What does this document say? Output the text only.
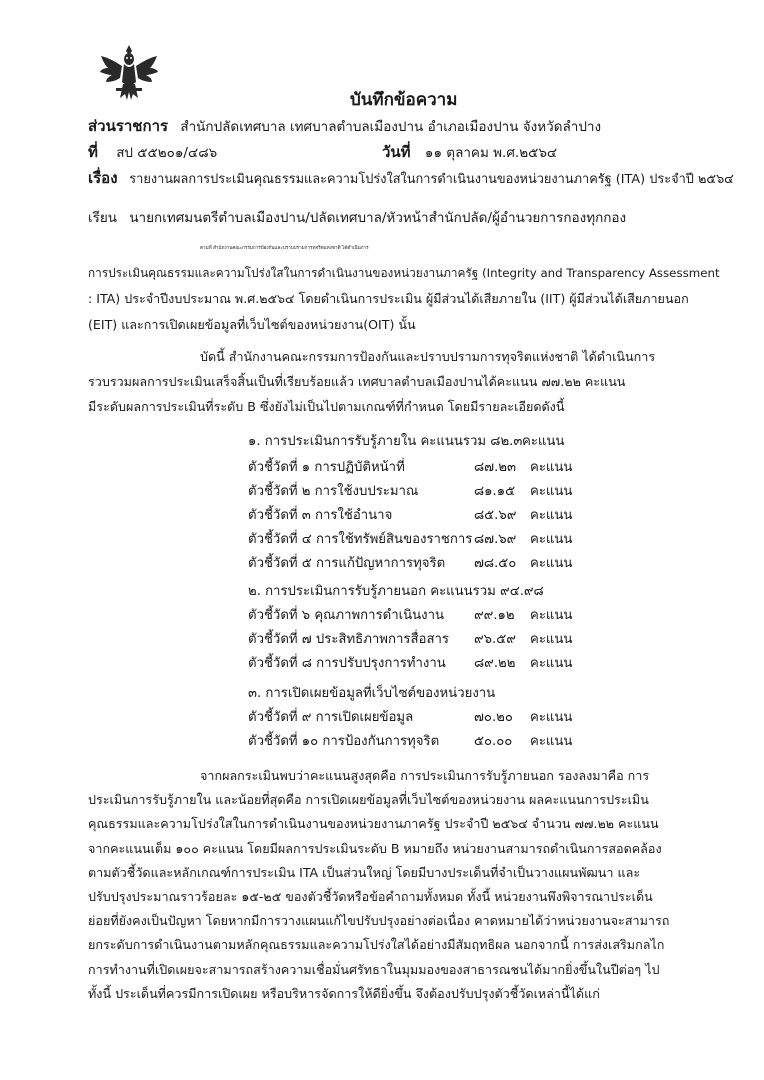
บันทึกข้อความ
ส่วนราชการ สำนักปลัดเทศบาล เทศบาลตำบลเมืองปาน อำเภอเมืองปาน จังหวัดลำปาง
ที่ สป ๕๕๒๐๑/๔๘๖	วันที่ ๑๑ ตุลาคม พ.ศ.๒๕๖๔
เรื่อง รายงานผลการประเมินคุณธรรมและความโปร่งใสในการดำเนินงานของหน่วยงานภาครัฐ (ITA) ประจำปี ๒๕๖๔
เรียน นายกเทศมนตรีตำบลเมืองปาน/ปลัดเทศบาล/หัวหน้าสำนักปลัด/ผู้อำนวยการกองทุกกอง
ตามที่ สำนักงานคณะกรรมการป้องกันและปราบปรามการทุจริตแห่งชาติ ได้ดำเนินการ
การประเมินคุณธรรมและความโปร่งใสในการดำเนินงานของหน่วยงานภาครัฐ (Integrity and Transparency Assessment
: ITA) ประจำปีงบประมาณ พ.ศ.๒๕๖๔ โดยดำเนินการประเมิน ผู้มีส่วนได้เสียภายใน (IIT) ผู้มีส่วนได้เสียภายนอก
(EIT) และการเปิดเผยข้อมูลที่เว็บไซต์ของหน่วยงาน(OIT) นั้น
บัดนี้ สำนักงานคณะกรรมการป้องกันและปราบปรามการทุจริตแห่งชาติ ได้ดำเนินการ
รวบรวมผลการประเมินเสร็จสิ้นเป็นที่เรียบร้อยแล้ว เทศบาลตำบลเมืองปานได้คะแนน ๗๗.๒๒ คะแนน
มีระดับผลการประเมินที่ระดับ B ซึ่งยังไม่เป็นไปตามเกณฑ์ที่กำหนด โดยมีรายละเอียดดังนี้
๑. การประเมินการรับรู้ภายใน คะแนนรวม ๘๒.๓ คะแนน
ตัวชี้วัดที่ ๑ การปฏิบัติหน้าที่	๘๗.๒๓ คะแนน
ตัวชี้วัดที่ ๒ การใช้งบประมาณ	๘๑.๑๕ คะแนน
ตัวชี้วัดที่ ๓ การใช้อำนาจ	๘๕.๖๙ คะแนน
ตัวชี้วัดที่ ๔ การใช้ทรัพย์สินของราชการ ๘๗.๖๙ คะแนน
ตัวชี้วัดที่ ๕ การแก้ปัญหาการทุจริต ๗๘.๕๐ คะแนน
๒. การประเมินการรับรู้ภายนอก คะแนนรวม ๙๔.๙๘
ตัวชี้วัดที่ ๖ คุณภาพการดำเนินงาน ๙๙.๑๒ คะแนน
ตัวชี้วัดที่ ๗ ประสิทธิภาพการสื่อสาร ๙๖.๕๙ คะแนน
ตัวชี้วัดที่ ๘ การปรับปรุงการทำงาน ๘๙.๒๒ คะแนน
๓. การเปิดเผยข้อมูลที่เว็บไซต์ของหน่วยงาน
ตัวชี้วัดที่ ๙ การเปิดเผยข้อมูล	๗๐.๒๐ คะแนน
ตัวชี้วัดที่ ๑๐ การป้องกันการทุจริต	๕๐.๐๐ คะแนน
จากผลกระเมินพบว่าคะแนนสูงสุดคือ การประเมินการรับรู้ภายนอก รองลงมาคือ การ
ประเมินการรับรู้ภายใน และน้อยที่สุดคือ การเปิดเผยข้อมูลที่เว็บไซต์ของหน่วยงาน ผลคะแนนการประเมิน
คุณธรรมและความโปร่งใสในการดำเนินงานของหน่วยงานภาครัฐ ประจำปี ๒๕๖๔ จำนวน ๗๗.๒๒ คะแนน
จากคะแนนเต็ม ๑๐๐ คะแนน โดยมีผลการประเมินระดับ B หมายถึง หน่วยงานสามารถดำเนินการสอดคล้อง
ตามตัวชี้วัดและหลักเกณฑ์การประเมิน ITA เป็นส่วนใหญ่ โดยมีบางประเด็นที่จำเป็นวางแผนพัฒนา และ
ปรับปรุงประมาณราวร้อยละ ๑๕-๒๕ ของตัวชี้วัดหรือข้อคำถามทั้งหมด ทั้งนี้ หน่วยงานพึงพิจารณาประเด็น
ย่อยที่ยังคงเป็นปัญหา โดยหากมีการวางแผนแก้ไขปรับปรุงอย่างต่อเนื่อง คาดหมายได้ว่าหน่วยงานจะสามารถ
ยกระดับการดำเนินงานตามหลักคุณธรรมและความโปร่งใสได้อย่างมีสัมฤทธิผล นอกจากนี้ การส่งเสริมกลไก
การทำงานที่เปิดเผยจะสามารถสร้างความเชื่อมั่นศรัทธาในมุมมองของสาธารณชนได้มากยิ่งขึ้นในปีต่อๆ ไป
ทั้งนี้ ประเด็นที่ควรมีการเปิดเผย หรือบริหารจัดการให้ดียิ่งขึ้น จึงต้องปรับปรุงตัวชี้วัดเหล่านี้ได้แก่
